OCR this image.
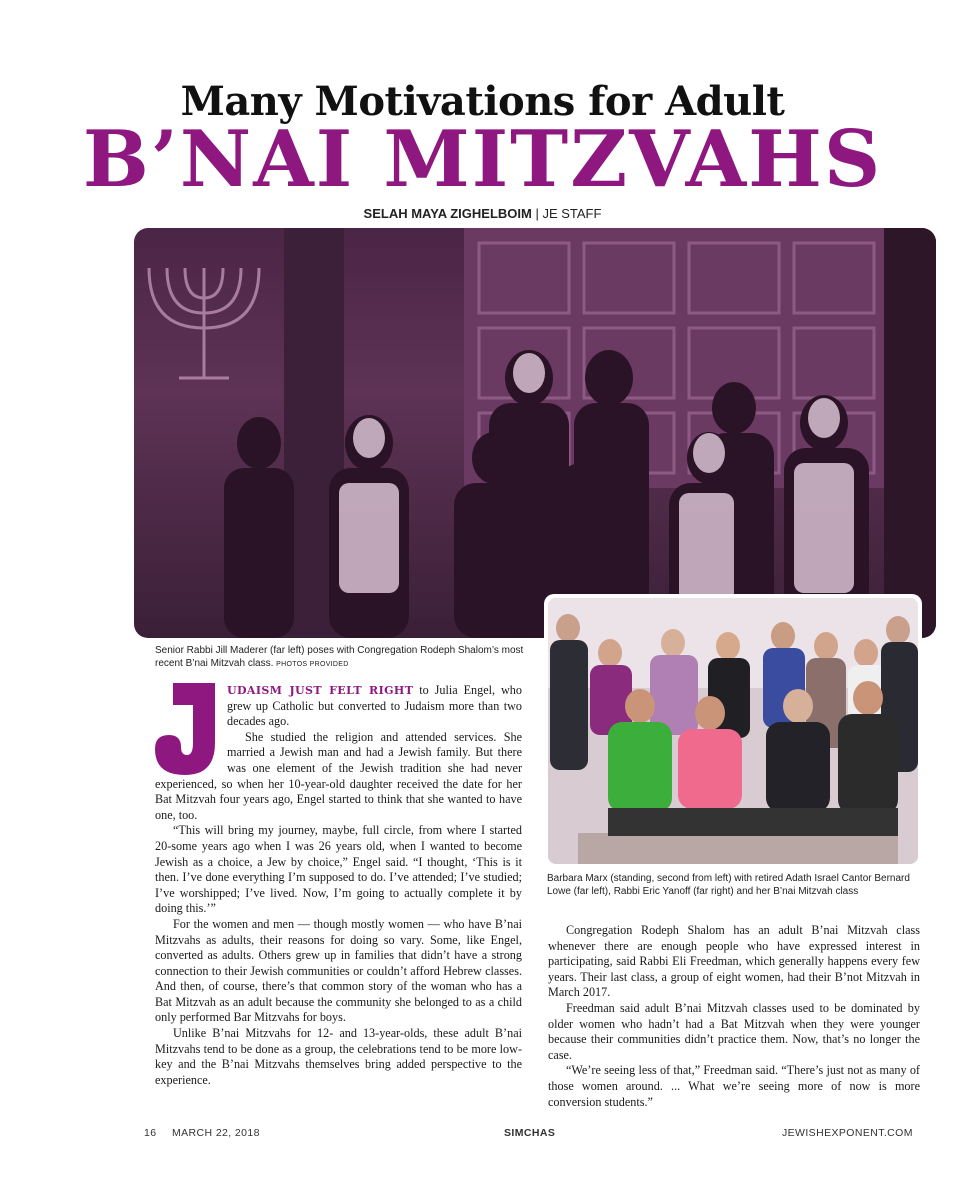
Many Motivations for Adult
B’NAI MITZVAHS
SELAH MAYA ZIGHELBOIM | JE STAFF
Senior Rabbi Jill Maderer (far left) poses with Congregation Rodeph Shalom’s most recent B’nai Mitzvah class. PHOTOS PROVIDED
Barbara Marx (standing, second from left) with retired Adath Israel Cantor Bernard Lowe (far left), Rabbi Eric Yanoff (far right) and her B’nai Mitzvah class

UDAISM JUST FELT RIGHT to Julia Engel, who grew up Catholic but converted to Judaism more than two decades ago.

She studied the religion and attended services. She married a Jewish man and had a Jewish family. But there was one element of the Jewish tradition she had never experienced, so when her 10-year-old daughter received the date for her Bat Mitzvah four years ago, Engel started to think that she wanted to have one, too.

“This will bring my journey, maybe, full circle, from where I started 20-some years ago when I was 26 years old, when I wanted to become Jewish as a choice, a Jew by choice,” Engel said. “I thought, ‘This is it then. I’ve done everything I’m supposed to do. I’ve attended; I’ve studied; I’ve worshipped; I’ve lived. Now, I’m going to actually complete it by doing this.’”

For the women and men — though mostly women — who have B’nai Mitzvahs as adults, their reasons for doing so vary. Some, like Engel, converted as adults. Others grew up in families that didn’t have a strong connection to their Jewish communities or couldn’t afford Hebrew classes. And then, of course, there’s that common story of the woman who has a Bat Mitzvah as an adult because the community she belonged to as a child only performed Bar Mitzvahs for boys.

Unlike B’nai Mitzvahs for 12- and 13-year-olds, these adult B’nai Mitzvahs tend to be done as a group, the celebrations tend to be more low-key and the B’nai Mitzvahs themselves bring added perspective to the experience.

Congregation Rodeph Shalom has an adult B’nai Mitzvah class whenever there are enough people who have expressed interest in participating, said Rabbi Eli Freedman, which generally happens every few years. Their last class, a group of eight women, had their B’not Mitzvah in March 2017.

Freedman said adult B’nai Mitzvah classes used to be dominated by older women who hadn’t had a Bat Mitzvah when they were younger because their communities didn’t practice them. Now, that’s no longer the case.

“We’re seeing less of that,” Freedman said. “There’s just not as many of those women around. ... What we’re seeing more of now is more conversion students.”

16 MARCH 22, 2018	SIMCHAS	JEWISHEXPONENT.COM
